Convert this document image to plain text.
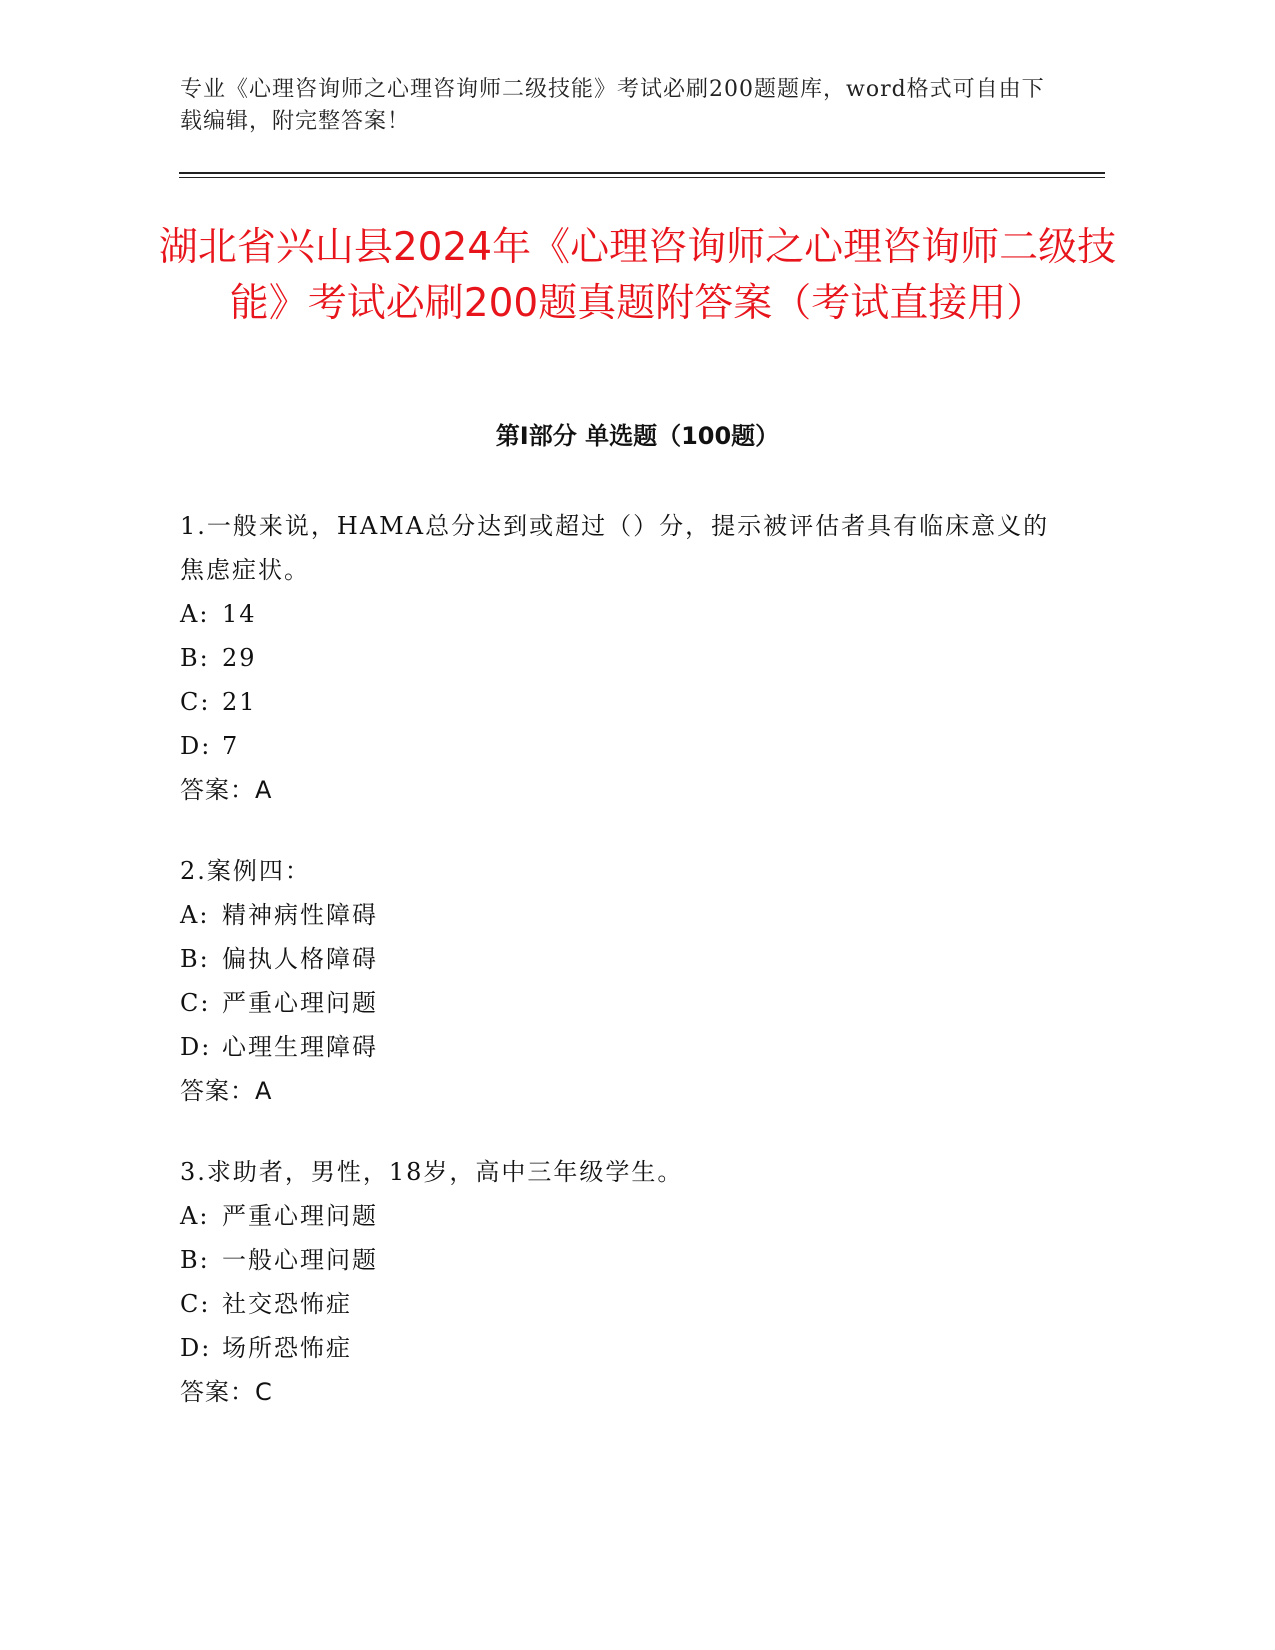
专业《心理咨询师之心理咨询师二级技能》考试必刷200题题库，word格式可自由下载编辑，附完整答案！
湖北省兴山县2024年《心理咨询师之心理咨询师二级技能》考试必刷200题真题附答案（考试直接用）
第I部分 单选题（100题）

1.一般来说，HAMA总分达到或超过（）分，提示被评估者具有临床意义的焦虑症状。

A: 14

B: 29

C: 21

D: 7

答案：A

2.案例四：

A: 精神病性障碍

B: 偏执人格障碍

C: 严重心理问题

D: 心理生理障碍

答案：A

3.求助者，男性，18岁，高中三年级学生。

A: 严重心理问题

B: 一般心理问题

C: 社交恐怖症

D: 场所恐怖症

答案：C
